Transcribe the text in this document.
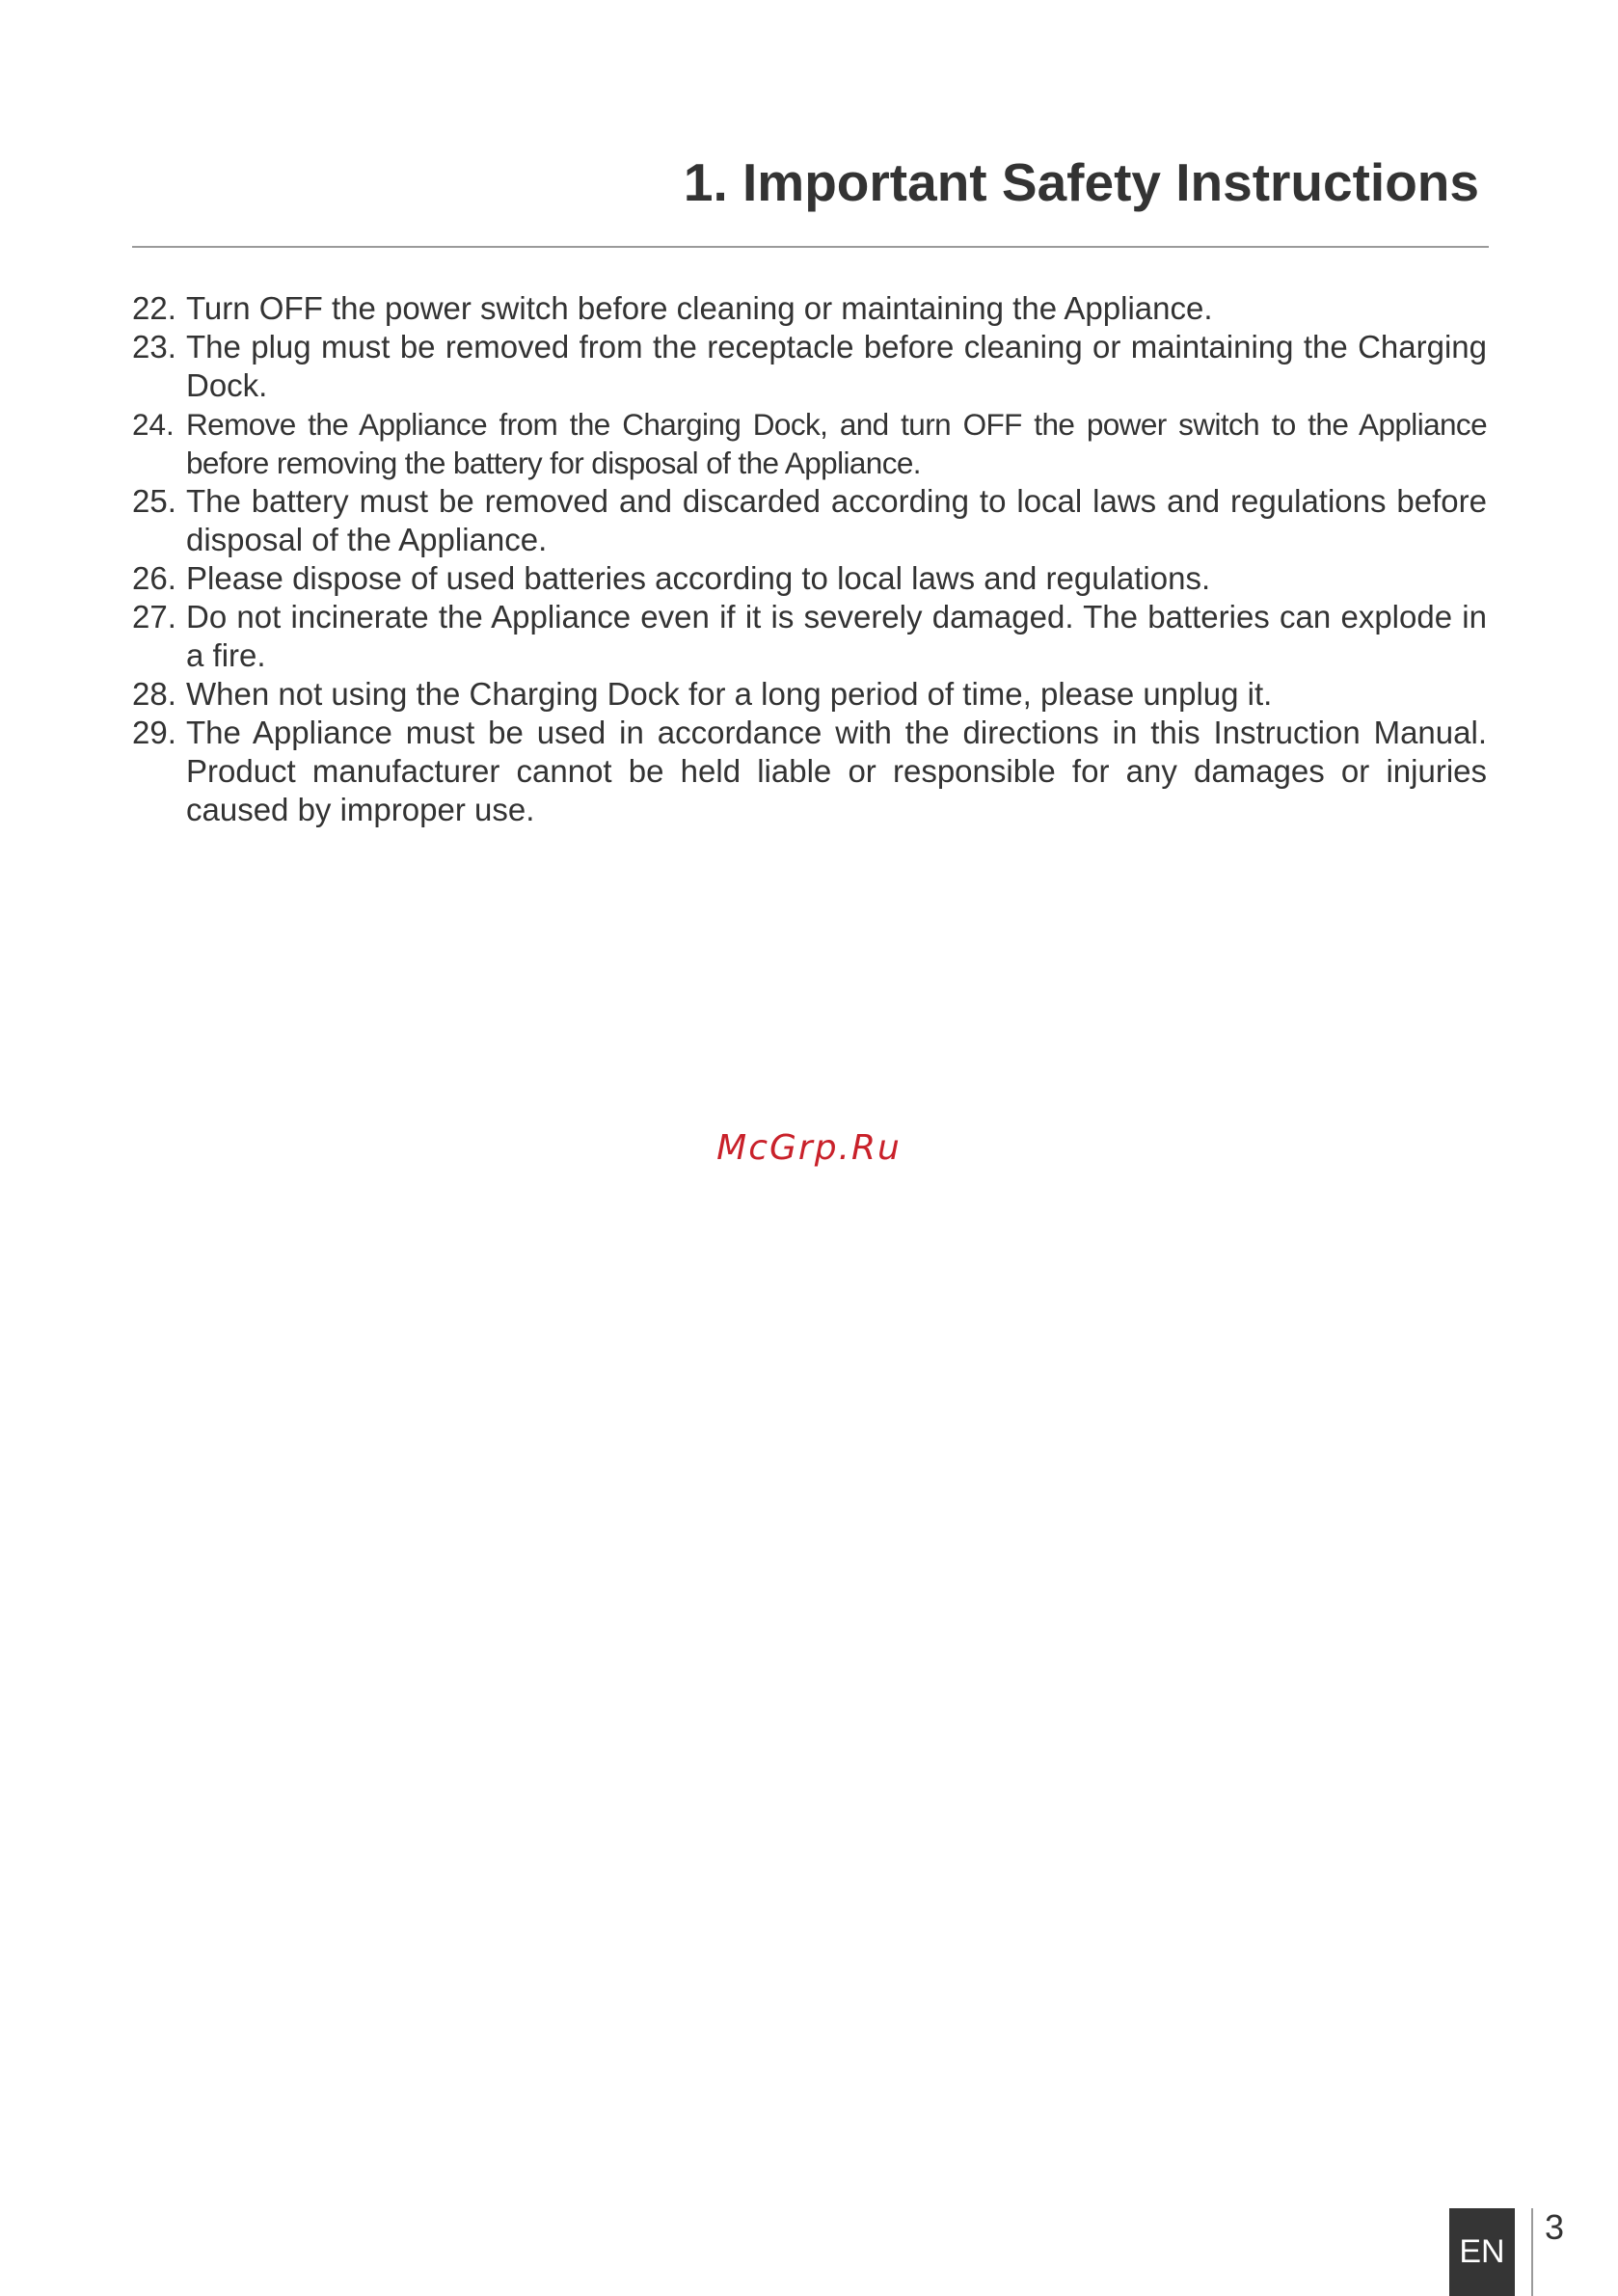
1. Important Safety Instructions
22. Turn OFF the power switch before cleaning or maintaining the Appliance.
23. The plug must be removed from the receptacle before cleaning or maintaining the Charging Dock.
24. Remove the Appliance from the Charging Dock, and turn OFF the power switch to the Appliance before removing the battery for disposal of the Appliance.
25. The battery must be removed and discarded according to local laws and regulations before disposal of the Appliance.
26. Please dispose of used batteries according to local laws and regulations.
27. Do not incinerate the Appliance even if it is severely damaged. The batteries can explode in a fire.
28. When not using the Charging Dock for a long period of time, please unplug it.
29. The Appliance must be used in accordance with the directions in this Instruction Manual. Product manufacturer cannot be held liable or responsible for any damages or injuries caused by improper use.
McGrp.Ru
EN
3
